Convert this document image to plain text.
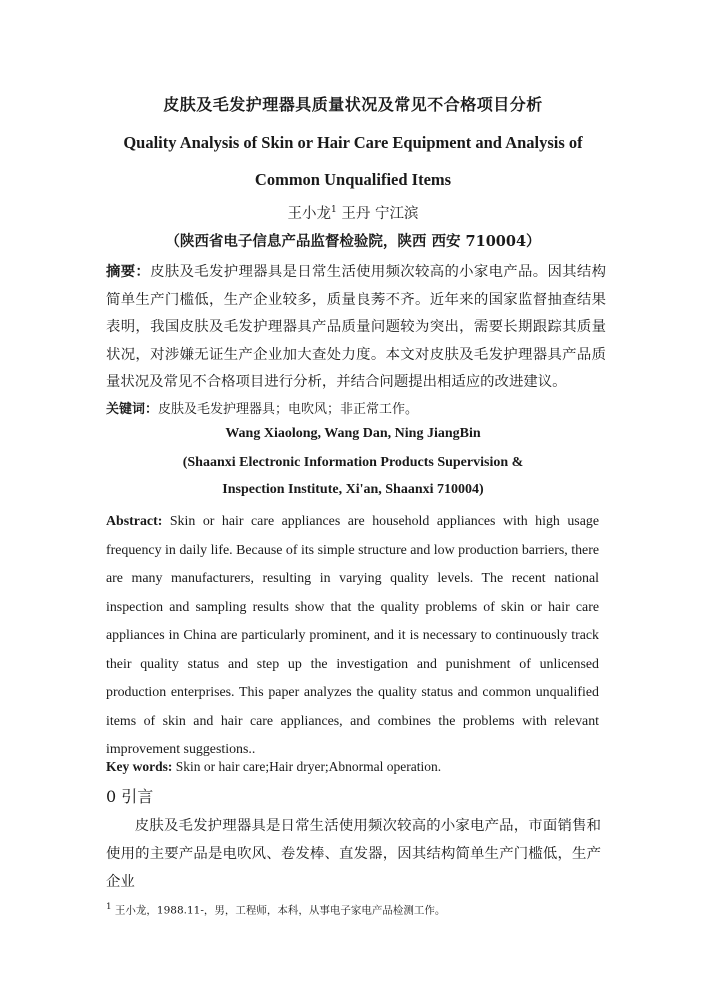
皮肤及毛发护理器具质量状况及常见不合格项目分析
Quality Analysis of Skin or Hair Care Equipment and Analysis of
Common Unqualified Items
王小龙$^1$ 王丹 宁江滨
（陕西省电子信息产品监督检验院，陕西 西安 710004）
摘要：皮肤及毛发护理器具是日常生活使用频次较高的小家电产品。因其结构简单生产门槛低，生产企业较多，质量良莠不齐。近年来的国家监督抽查结果表明，我国皮肤及毛发护理器具产品质量问题较为突出，需要长期跟踪其质量状况，对涉嫌无证生产企业加大查处力度。本文对皮肤及毛发护理器具产品质量状况及常见不合格项目进行分析，并结合问题提出相适应的改进建议。
关键词：皮肤及毛发护理器具；电吹风；非正常工作。
Wang Xiaolong, Wang Dan, Ning JiangBin
(Shaanxi Electronic Information Products Supervision &
Inspection Institute, Xi'an, Shaanxi 710004)
Abstract: Skin or hair care appliances are household appliances with high usage frequency in daily life. Because of its simple structure and low production barriers, there are many manufacturers, resulting in varying quality levels. The recent national inspection and sampling results show that the quality problems of skin or hair care appliances in China are particularly prominent, and it is necessary to continuously track their quality status and step up the investigation and punishment of unlicensed production enterprises. This paper analyzes the quality status and common unqualified items of skin and hair care appliances, and combines the problems with relevant improvement suggestions..
Key words: Skin or hair care;Hair dryer;Abnormal operation.
0 引言
皮肤及毛发护理器具是日常生活使用频次较高的小家电产品，市面销售和使用的主要产品是电吹风、卷发棒、直发器，因其结构简单生产门槛低，生产企业
$^1$ 王小龙，1988.11-，男，工程师，本科，从事电子家电产品检测工作。
